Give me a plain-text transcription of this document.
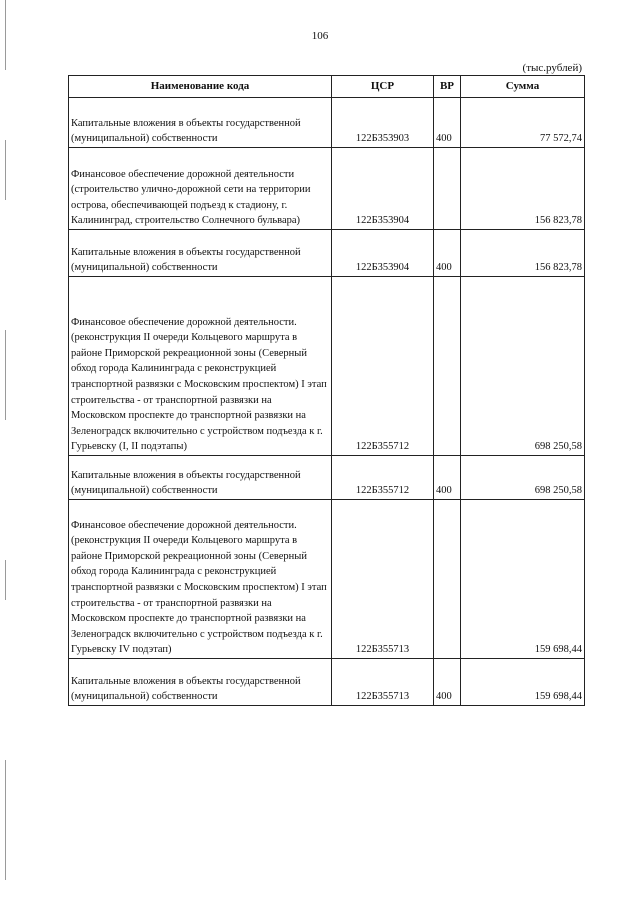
106
(тыс.рублей)
Наименование кода	ЦСР	ВР	Сумма
Капитальные вложения в объекты государственной (муниципальной) собственности	122Б353903	400	77 572,74
Финансовое обеспечение дорожной деятельности (строительство улично-дорожной сети на территории острова, обеспечивающей подъезд к стадиону, г. Калининград, строительство Солнечного бульвара)	122Б353904		156 823,78
Капитальные вложения в объекты государственной (муниципальной) собственности	122Б353904	400	156 823,78
Финансовое обеспечение дорожной деятельности. (реконструкция II очереди Кольцевого маршрута в районе Приморской рекреационной зоны (Северный обход города Калининграда с реконструкцией транспортной развязки с Московским проспектом) I этап строительства - от транспортной развязки на Московском проспекте до транспортной развязки на Зеленоградск включительно с устройством подъезда к г. Гурьевску (I, II подэтапы)	122Б355712		698 250,58
Капитальные вложения в объекты государственной (муниципальной) собственности	122Б355712	400	698 250,58
Финансовое обеспечение дорожной деятельности. (реконструкция II очереди Кольцевого маршрута в районе Приморской рекреационной зоны (Северный обход города Калининграда с реконструкцией транспортной развязки с Московским проспектом) I этап строительства - от транспортной развязки на Московском проспекте до транспортной развязки на Зеленоградск включительно с устройством подъезда к г. Гурьевску IV подэтап)	122Б355713		159 698,44
Капитальные вложения в объекты государственной (муниципальной) собственности	122Б355713	400	159 698,44
